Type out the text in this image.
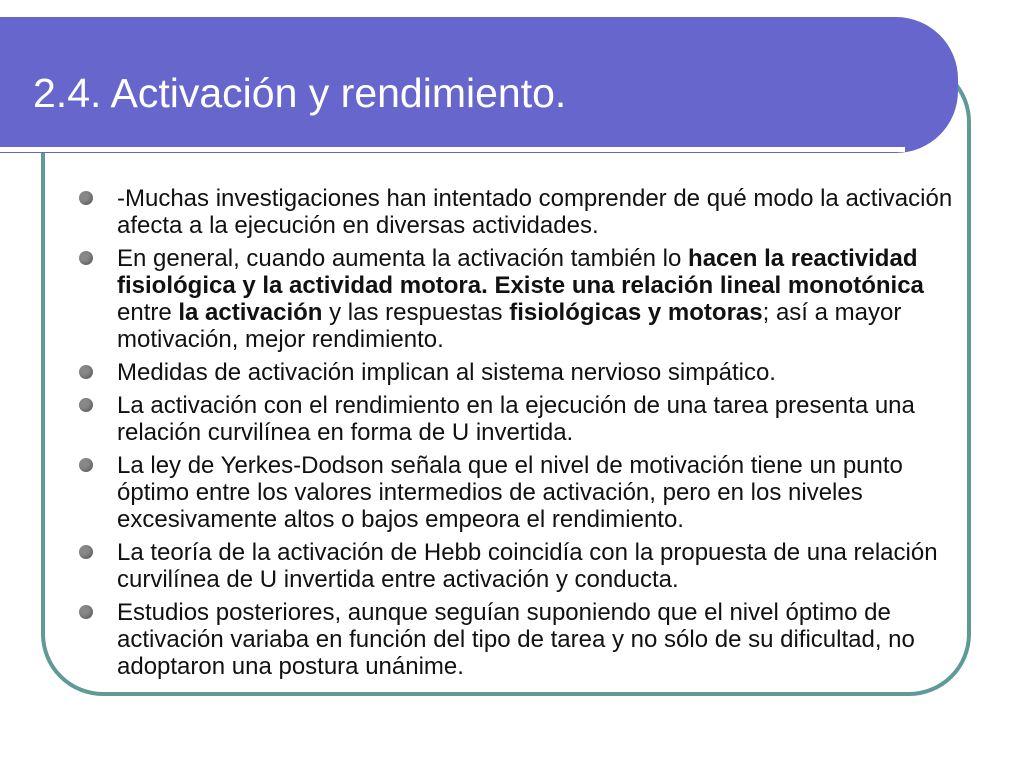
2.4. Activación y rendimiento.
-Muchas investigaciones han intentado comprender de qué modo la activación afecta a la ejecución en diversas actividades.
En general, cuando aumenta la activación también lo hacen la reactividad fisiológica y la actividad motora. Existe una relación lineal monotónica entre la activación y las respuestas fisiológicas y motoras; así a mayor motivación, mejor rendimiento.
Medidas de activación implican al sistema nervioso simpático.
La activación con el rendimiento en la ejecución de una tarea presenta una relación curvilínea en forma de U invertida.
La ley de Yerkes-Dodson señala que el nivel de motivación tiene un punto óptimo entre los valores intermedios de activación, pero en los niveles excesivamente altos o bajos empeora el rendimiento.
La teoría de la activación de Hebb coincidía con la propuesta de una relación curvilínea de U invertida entre activación y conducta.
Estudios posteriores, aunque seguían suponiendo que el nivel óptimo de activación variaba en función del tipo de tarea y no sólo de su dificultad, no adoptaron una postura unánime.
